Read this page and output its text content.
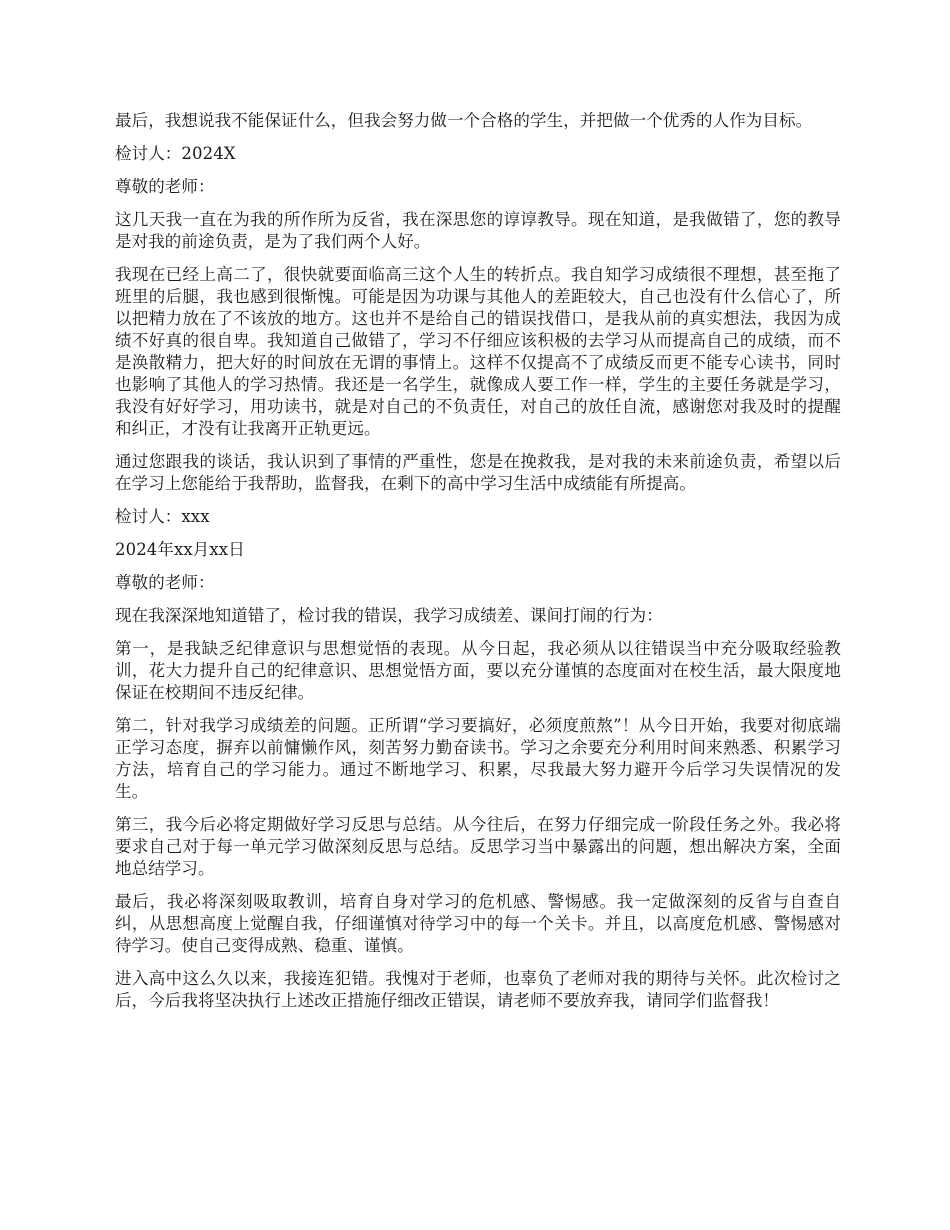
最后，我想说我不能保证什么，但我会努力做一个合格的学生，并把做一个优秀的人作为目标。

检讨人：2024X

尊敬的老师：

这几天我一直在为我的所作所为反省，我在深思您的谆谆教导。现在知道，是我做错了，您的教导是对我的前途负责，是为了我们两个人好。

我现在已经上高二了，很快就要面临高三这个人生的转折点。我自知学习成绩很不理想，甚至拖了班里的后腿，我也感到很惭愧。可能是因为功课与其他人的差距较大，自己也没有什么信心了，所以把精力放在了不该放的地方。这也并不是给自己的错误找借口，是我从前的真实想法，我因为成绩不好真的很自卑。我知道自己做错了，学习不仔细应该积极的去学习从而提高自己的成绩，而不是涣散精力，把大好的时间放在无谓的事情上。这样不仅提高不了成绩反而更不能专心读书，同时也影响了其他人的学习热情。我还是一名学生，就像成人要工作一样，学生的主要任务就是学习，我没有好好学习，用功读书，就是对自己的不负责任，对自己的放任自流，感谢您对我及时的提醒和纠正，才没有让我离开正轨更远。

通过您跟我的谈话，我认识到了事情的严重性，您是在挽救我，是对我的未来前途负责，希望以后在学习上您能给于我帮助，监督我，在剩下的高中学习生活中成绩能有所提高。

检讨人：xxx

2024年xx月xx日

尊敬的老师：

现在我深深地知道错了，检讨我的错误，我学习成绩差、课间打闹的行为：

第一，是我缺乏纪律意识与思想觉悟的表现。从今日起，我必须从以往错误当中充分吸取经验教训，花大力提升自己的纪律意识、思想觉悟方面，要以充分谨慎的态度面对在校生活，最大限度地保证在校期间不违反纪律。

第二，针对我学习成绩差的问题。正所谓“学习要搞好，必须度煎熬”！从今日开始，我要对彻底端正学习态度，摒弃以前慵懒作风，刻苦努力勤奋读书。学习之余要充分利用时间来熟悉、积累学习方法，培育自己的学习能力。通过不断地学习、积累，尽我最大努力避开今后学习失误情况的发生。

第三，我今后必将定期做好学习反思与总结。从今往后，在努力仔细完成一阶段任务之外。我必将要求自己对于每一单元学习做深刻反思与总结。反思学习当中暴露出的问题，想出解决方案，全面地总结学习。

最后，我必将深刻吸取教训，培育自身对学习的危机感、警惕感。我一定做深刻的反省与自查自纠，从思想高度上觉醒自我，仔细谨慎对待学习中的每一个关卡。并且，以高度危机感、警惕感对待学习。使自己变得成熟、稳重、谨慎。

进入高中这么久以来，我接连犯错。我愧对于老师，也辜负了老师对我的期待与关怀。此次检讨之后，今后我将坚决执行上述改正措施仔细改正错误，请老师不要放弃我，请同学们监督我！
